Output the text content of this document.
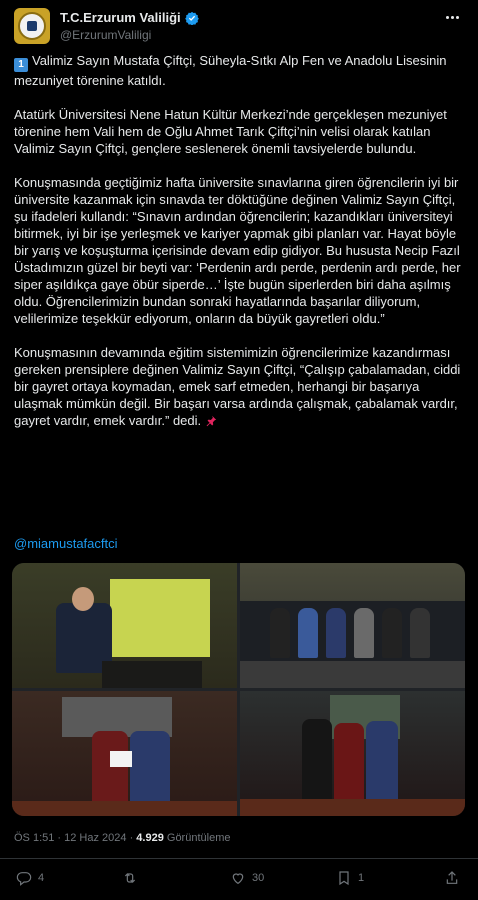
T.C.Erzurum Valiliği
@ErzurumValiligi

1 Valimiz Sayın Mustafa Çiftçi, Süheyla-Sıtkı Alp Fen ve Anadolu Lisesinin mezuniyet törenine katıldı.

Atatürk Üniversitesi Nene Hatun Kültür Merkezi’nde gerçekleşen mezuniyet törenine hem Vali hem de Oğlu Ahmet Tarık Çiftçi’nin velisi olarak katılan Valimiz Sayın Çiftçi, gençlere seslenerek önemli tavsiyelerde bulundu.

Konuşmasında geçtiğimiz hafta üniversite sınavlarına giren öğrencilerin iyi bir üniversite kazanmak için sınavda ter döktüğüne değinen Valimiz Sayın Çiftçi, şu ifadeleri kullandı: “Sınavın ardından öğrencilerin; kazandıkları üniversiteyi bitirmek, iyi bir işe yerleşmek ve kariyer yapmak gibi planları var. Hayat böyle bir yarış ve koşuşturma içerisinde devam edip gidiyor. Bu hususta Necip Fazıl Üstadımızın güzel bir beyti var: ‘Perdenin ardı perde, perdenin ardı perde, her siper aşıldıkça gaye öbür siperde…’ İşte bugün siperlerden biri daha aşılmış oldu. Öğrencilerimizin bundan sonraki hayatlarında başarılar diliyorum, velilerimize teşekkür ediyorum, onların da büyük gayretleri oldu.”

Konuşmasının devamında eğitim sistemimizin öğrencilerimize kazandırması gereken prensiplere değinen Valimiz Sayın Çiftçi, “Çalışıp çabalamadan, ciddi bir gayret ortaya koymadan, emek sarf etmeden, herhangi bir başarıya ulaşmak mümkün değil. Bir başarı varsa ardında çalışmak, çabalamak vardır, gayret vardır, emek vardır.” dedi.

@miamustafacftci
ÖS 1:51 · 12 Haz 2024 · 4.929 Görüntüleme
4	30	1
